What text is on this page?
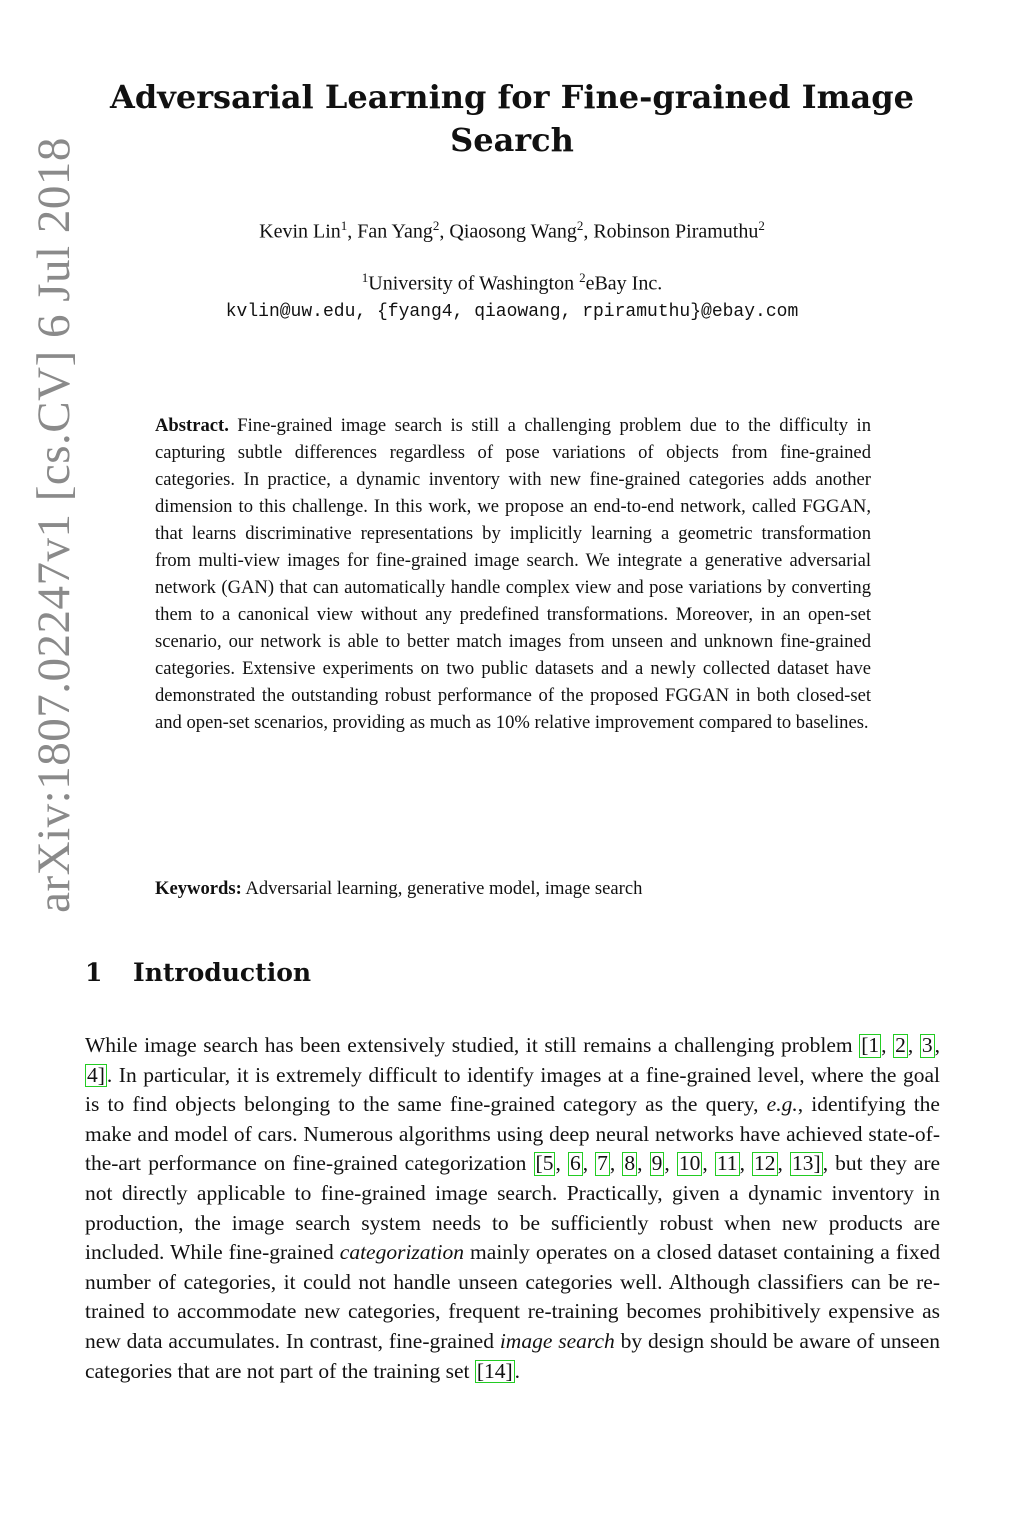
arXiv:1807.02247v1 [cs.CV] 6 Jul 2018
Adversarial Learning for Fine-grained Image Search
Kevin Lin$^1$, Fan Yang$^2$, Qiaosong Wang$^2$, Robinson Piramuthu$^2$
$^1$University of Washington $^2$eBay Inc.
kvlin@uw.edu, {fyang4, qiaowang, rpiramuthu}@ebay.com
Abstract. Fine-grained image search is still a challenging problem due to the difficulty in capturing subtle differences regardless of pose variations of objects from fine-grained categories. In practice, a dynamic inventory with new fine-grained categories adds another dimension to this challenge. In this work, we propose an end-to-end network, called FGGAN, that learns discriminative representations by implicitly learning a geometric transformation from multi-view images for fine-grained image search. We integrate a generative adversarial network (GAN) that can automatically handle complex view and pose variations by converting them to a canonical view without any predefined transformations. Moreover, in an open-set scenario, our network is able to better match images from unseen and unknown fine-grained categories. Extensive experiments on two public datasets and a newly collected dataset have demonstrated the outstanding robust performance of the proposed FGGAN in both closed-set and open-set scenarios, providing as much as 10% relative improvement compared to baselines.
Keywords: Adversarial learning, generative model, image search
1 Introduction
While image search has been extensively studied, it still remains a challenging problem [1, 2, 3, 4]. In particular, it is extremely difficult to identify images at a fine-grained level, where the goal is to find objects belonging to the same fine-grained category as the query, e.g., identifying the make and model of cars. Numerous algorithms using deep neural networks have achieved state-of-the-art performance on fine-grained categorization [5, 6, 7, 8, 9, 10, 11, 12, 13], but they are not directly applicable to fine-grained image search. Practically, given a dynamic inventory in production, the image search system needs to be sufficiently robust when new products are included. While fine-grained categorization mainly operates on a closed dataset containing a fixed number of categories, it could not handle unseen categories well. Although classifiers can be re-trained to accommodate new categories, frequent re-training becomes prohibitively expensive as new data accumulates. In contrast, fine-grained image search by design should be aware of unseen categories that are not part of the training set [14].
